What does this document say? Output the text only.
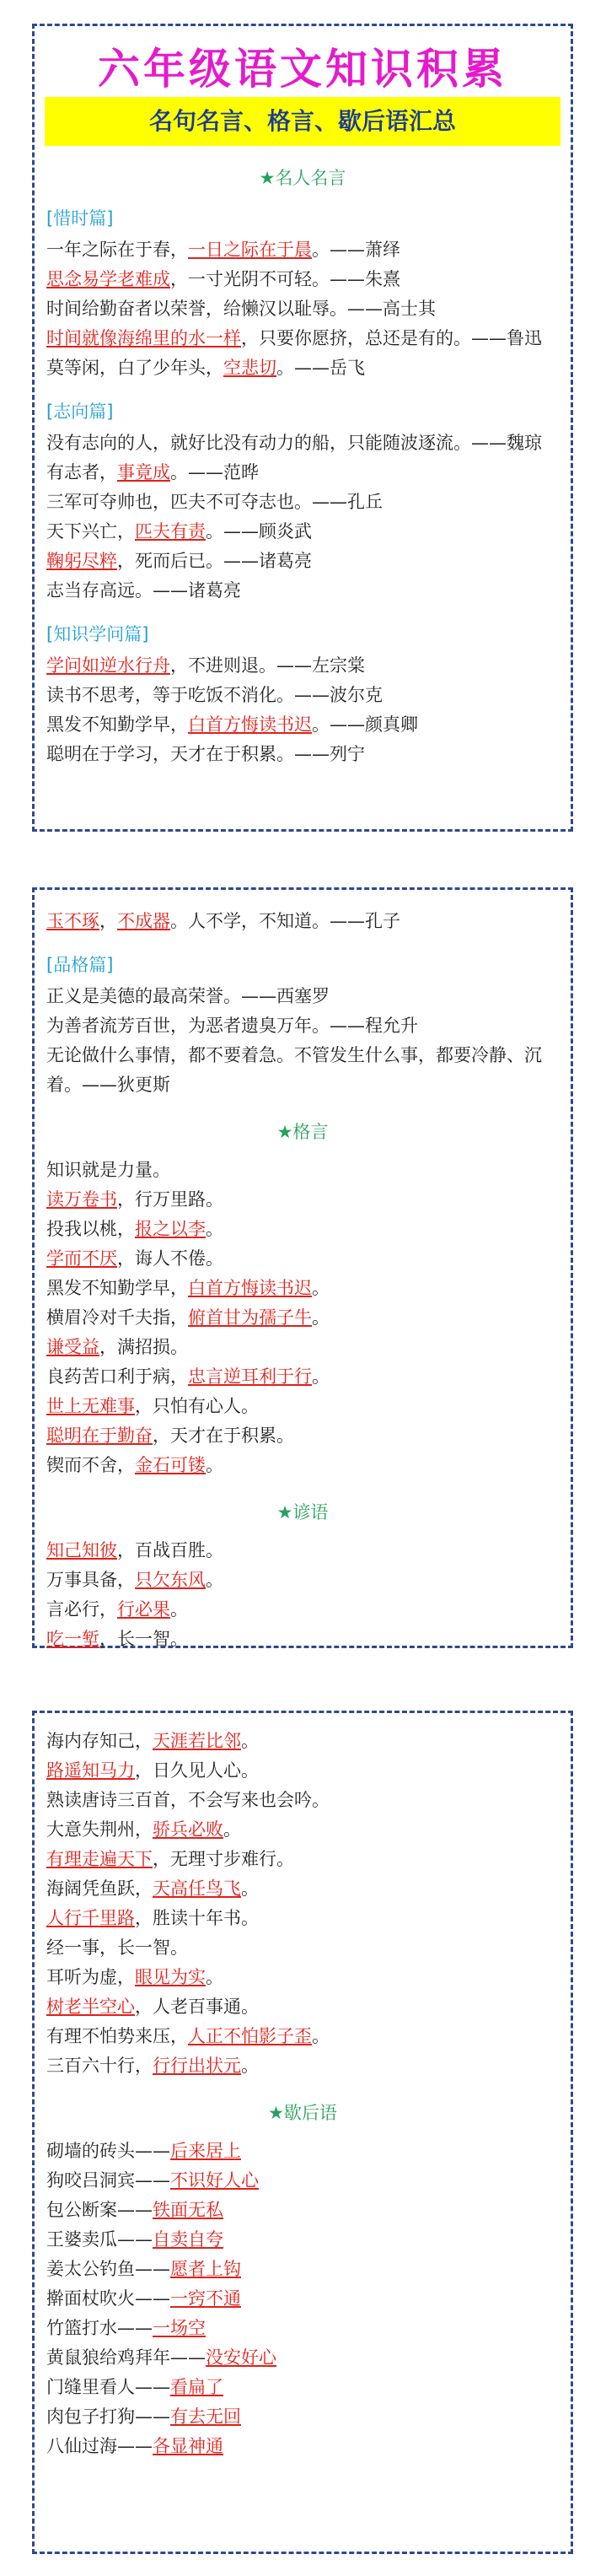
六年级语文知识积累
名句名言、格言、歇后语汇总
★名人名言
[惜时篇]
一年之际在于春，一日之际在于晨。——萧绎
思念易学老难成，一寸光阴不可轻。——朱熹
时间给勤奋者以荣誉，给懒汉以耻辱。——高士其
时间就像海绵里的水一样，只要你愿挤，总还是有的。——鲁迅
莫等闲，白了少年头，空悲切。——岳飞
[志向篇]
没有志向的人，就好比没有动力的船，只能随波逐流。——魏琼
有志者，事竟成。——范晔
三军可夺帅也，匹夫不可夺志也。——孔丘
天下兴亡，匹夫有责。——顾炎武
鞠躬尽粹，死而后已。——诸葛亮
志当存高远。——诸葛亮
[知识学问篇]
学问如逆水行舟，不进则退。——左宗棠
读书不思考，等于吃饭不消化。——波尔克
黑发不知勤学早，白首方悔读书迟。——颜真卿
聪明在于学习，天才在于积累。——列宁
玉不琢，不成器。人不学，不知道。——孔子
[品格篇]
正义是美德的最高荣誉。——西塞罗
为善者流芳百世，为恶者遗臭万年。——程允升
无论做什么事情，都不要着急。不管发生什么事，都要冷静、沉着。——狄更斯
★格言
知识就是力量。
读万卷书，行万里路。
投我以桃，报之以李。
学而不厌，诲人不倦。
黑发不知勤学早，白首方悔读书迟。
横眉冷对千夫指，俯首甘为孺子牛。
谦受益，满招损。
良药苦口利于病，忠言逆耳利于行。
世上无难事，只怕有心人。
聪明在于勤奋，天才在于积累。
锲而不舍，金石可镂。
★谚语
知己知彼，百战百胜。
万事具备，只欠东风。
言必行，行必果。
吃一堑，长一智。
海内存知己，天涯若比邻。
路遥知马力，日久见人心。
熟读唐诗三百首，不会写来也会吟。
大意失荆州，骄兵必败。
有理走遍天下，无理寸步难行。
海阔凭鱼跃，天高任鸟飞。
人行千里路，胜读十年书。
经一事，长一智。
耳听为虚，眼见为实。
树老半空心，人老百事通。
有理不怕势来压，人正不怕影子歪。
三百六十行，行行出状元。
★歇后语
砌墙的砖头——后来居上
狗咬吕洞宾——不识好人心
包公断案——铁面无私
王婆卖瓜——自卖自夸
姜太公钓鱼——愿者上钩
擀面杖吹火——一窍不通
竹篮打水——一场空
黄鼠狼给鸡拜年——没安好心
门缝里看人——看扁了
肉包子打狗——有去无回
八仙过海——各显神通
